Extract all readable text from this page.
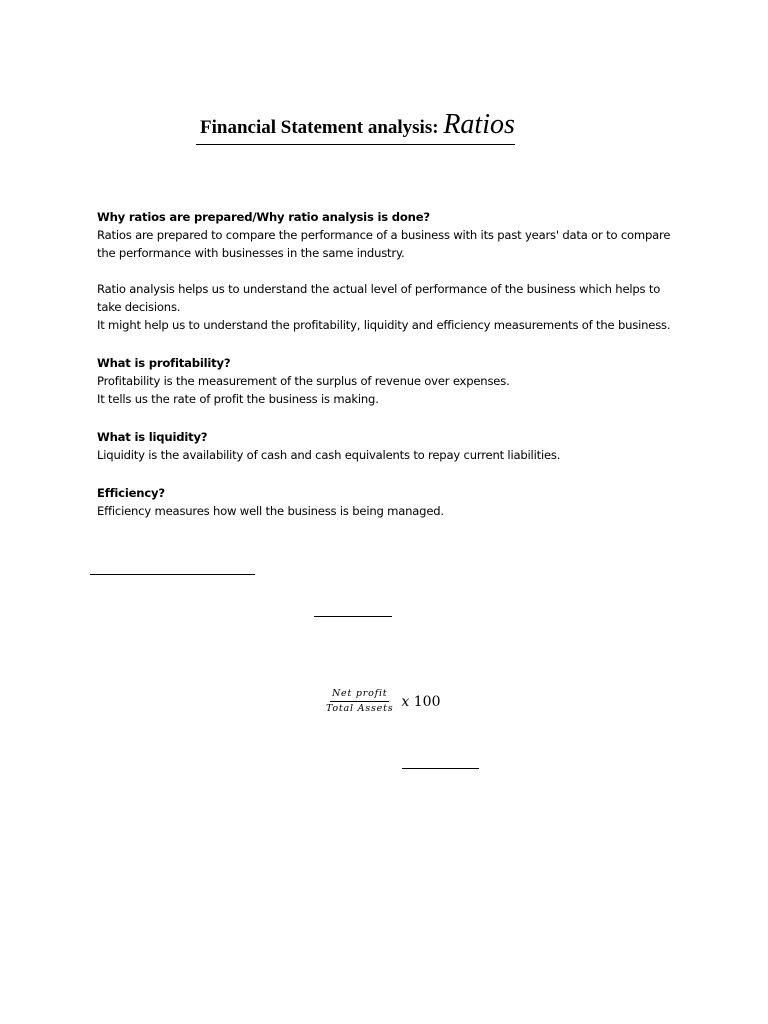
Financial Statement analysis: Ratios

Why ratios are prepared/Why ratio analysis is done?

Ratios are prepared to compare the performance of a business with its past years' data or to compare

the performance with businesses in the same industry.

Ratio analysis helps us to understand the actual level of performance of the business which helps to

take decisions.

It might help us to understand the profitability, liquidity and efficiency measurements of the business.

What is profitability?

Profitability is the measurement of the surplus of revenue over expenses.

It tells us the rate of profit the business is making.

What is liquidity?

Liquidity is the availability of cash and cash equivalents to repay current liabilities.

Efficiency?

Efficiency measures how well the business is being managed.

$\frac{\text{Net profit}}{\text{Total Assets}}$ x 100
